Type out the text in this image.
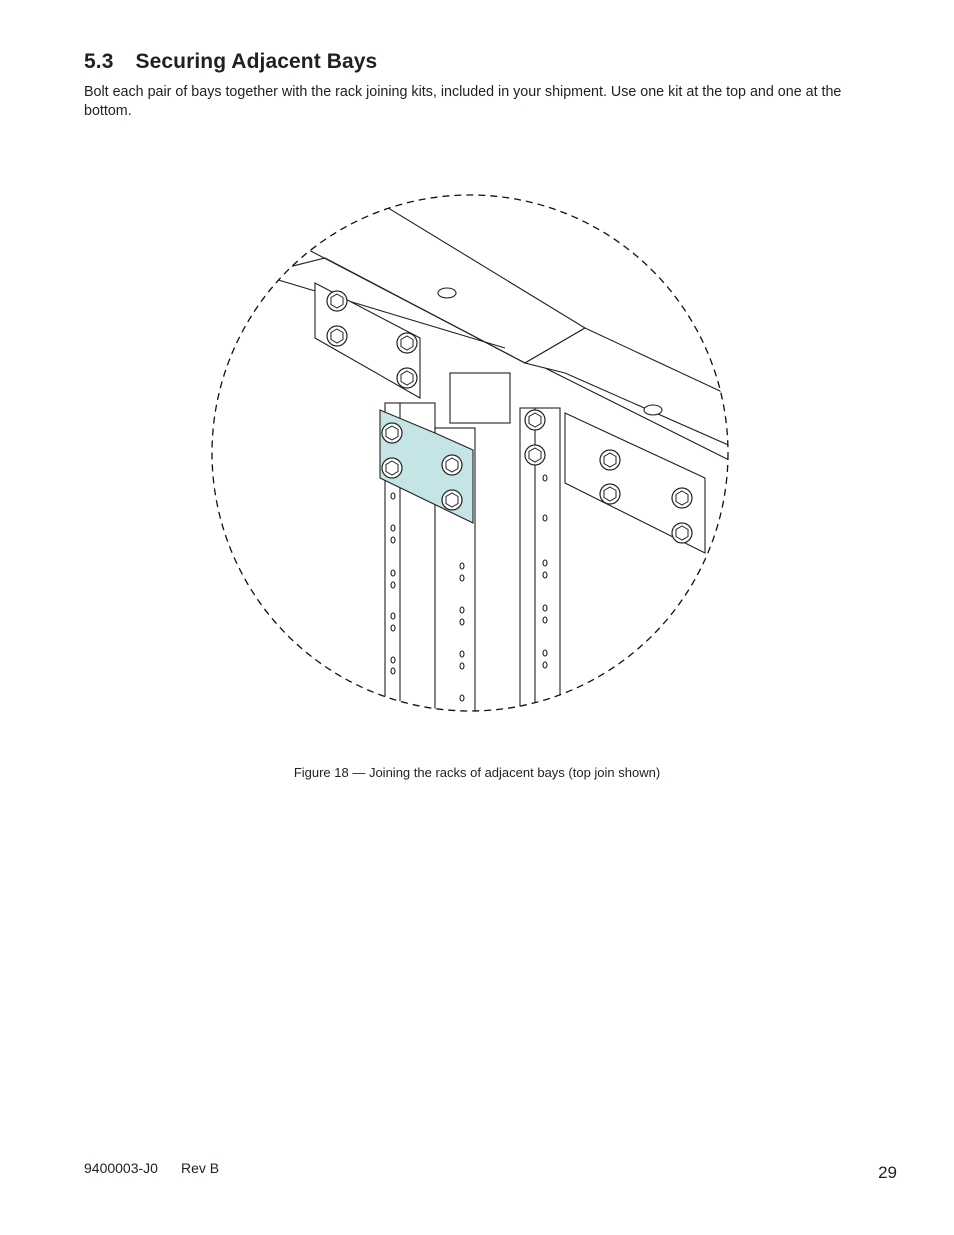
5.3 Securing Adjacent Bays
Bolt each pair of bays together with the rack joining kits, included in your shipment. Use one kit at the top and one at the bottom.
Figure 18 — Joining the racks of adjacent bays (top join shown)
9400003-J0 Rev B	29
